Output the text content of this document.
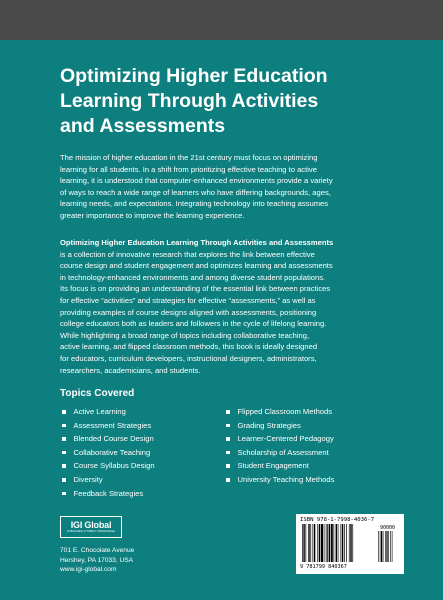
Optimizing Higher Education
Learning Through Activities
and Assessments
The mission of higher education in the 21st century must focus on optimizing
learning for all students. In a shift from prioritizing effective teaching to active
learning, it is understood that computer-enhanced environments provide a variety
of ways to reach a wide range of learners who have differing backgrounds, ages,
learning needs, and expectations. Integrating technology into teaching assumes
greater importance to improve the learning experience.
Optimizing Higher Education Learning Through Activities and Assessments
is a collection of innovative research that explores the link between effective
course design and student engagement and optimizes learning and assessments
in technology-enhanced environments and among diverse student populations.
Its focus is on providing an understanding of the essential link between practices
for effective “activities” and strategies for effective “assessments,” as well as
providing examples of course designs aligned with assessments, positioning
college educators both as leaders and followers in the cycle of lifelong learning.
While highlighting a broad range of topics including collaborative teaching,
active learning, and flipped classroom methods, this book is ideally designed
for educators, curriculum developers, instructional designers, administrators,
researchers, academicians, and students.
Topics Covered
Active Learning
Assessment Strategies
Blended Course Design
Collaborative Teaching
Course Syllabus Design
Diversity
Feedback Strategies
Flipped Classroom Methods
Grading Strategies
Learner-Centered Pedagogy
Scholarship of Assessment
Student Engagement
University Teaching Methods
IGI Global
PUBLISHER of TIMELY KNOWLEDGE
701 E. Chocolate Avenue
Hershey, PA 17033, USA
www.igi-global.com
ISBN 978-1-7998-4036-7
90000
9 781799 840367
